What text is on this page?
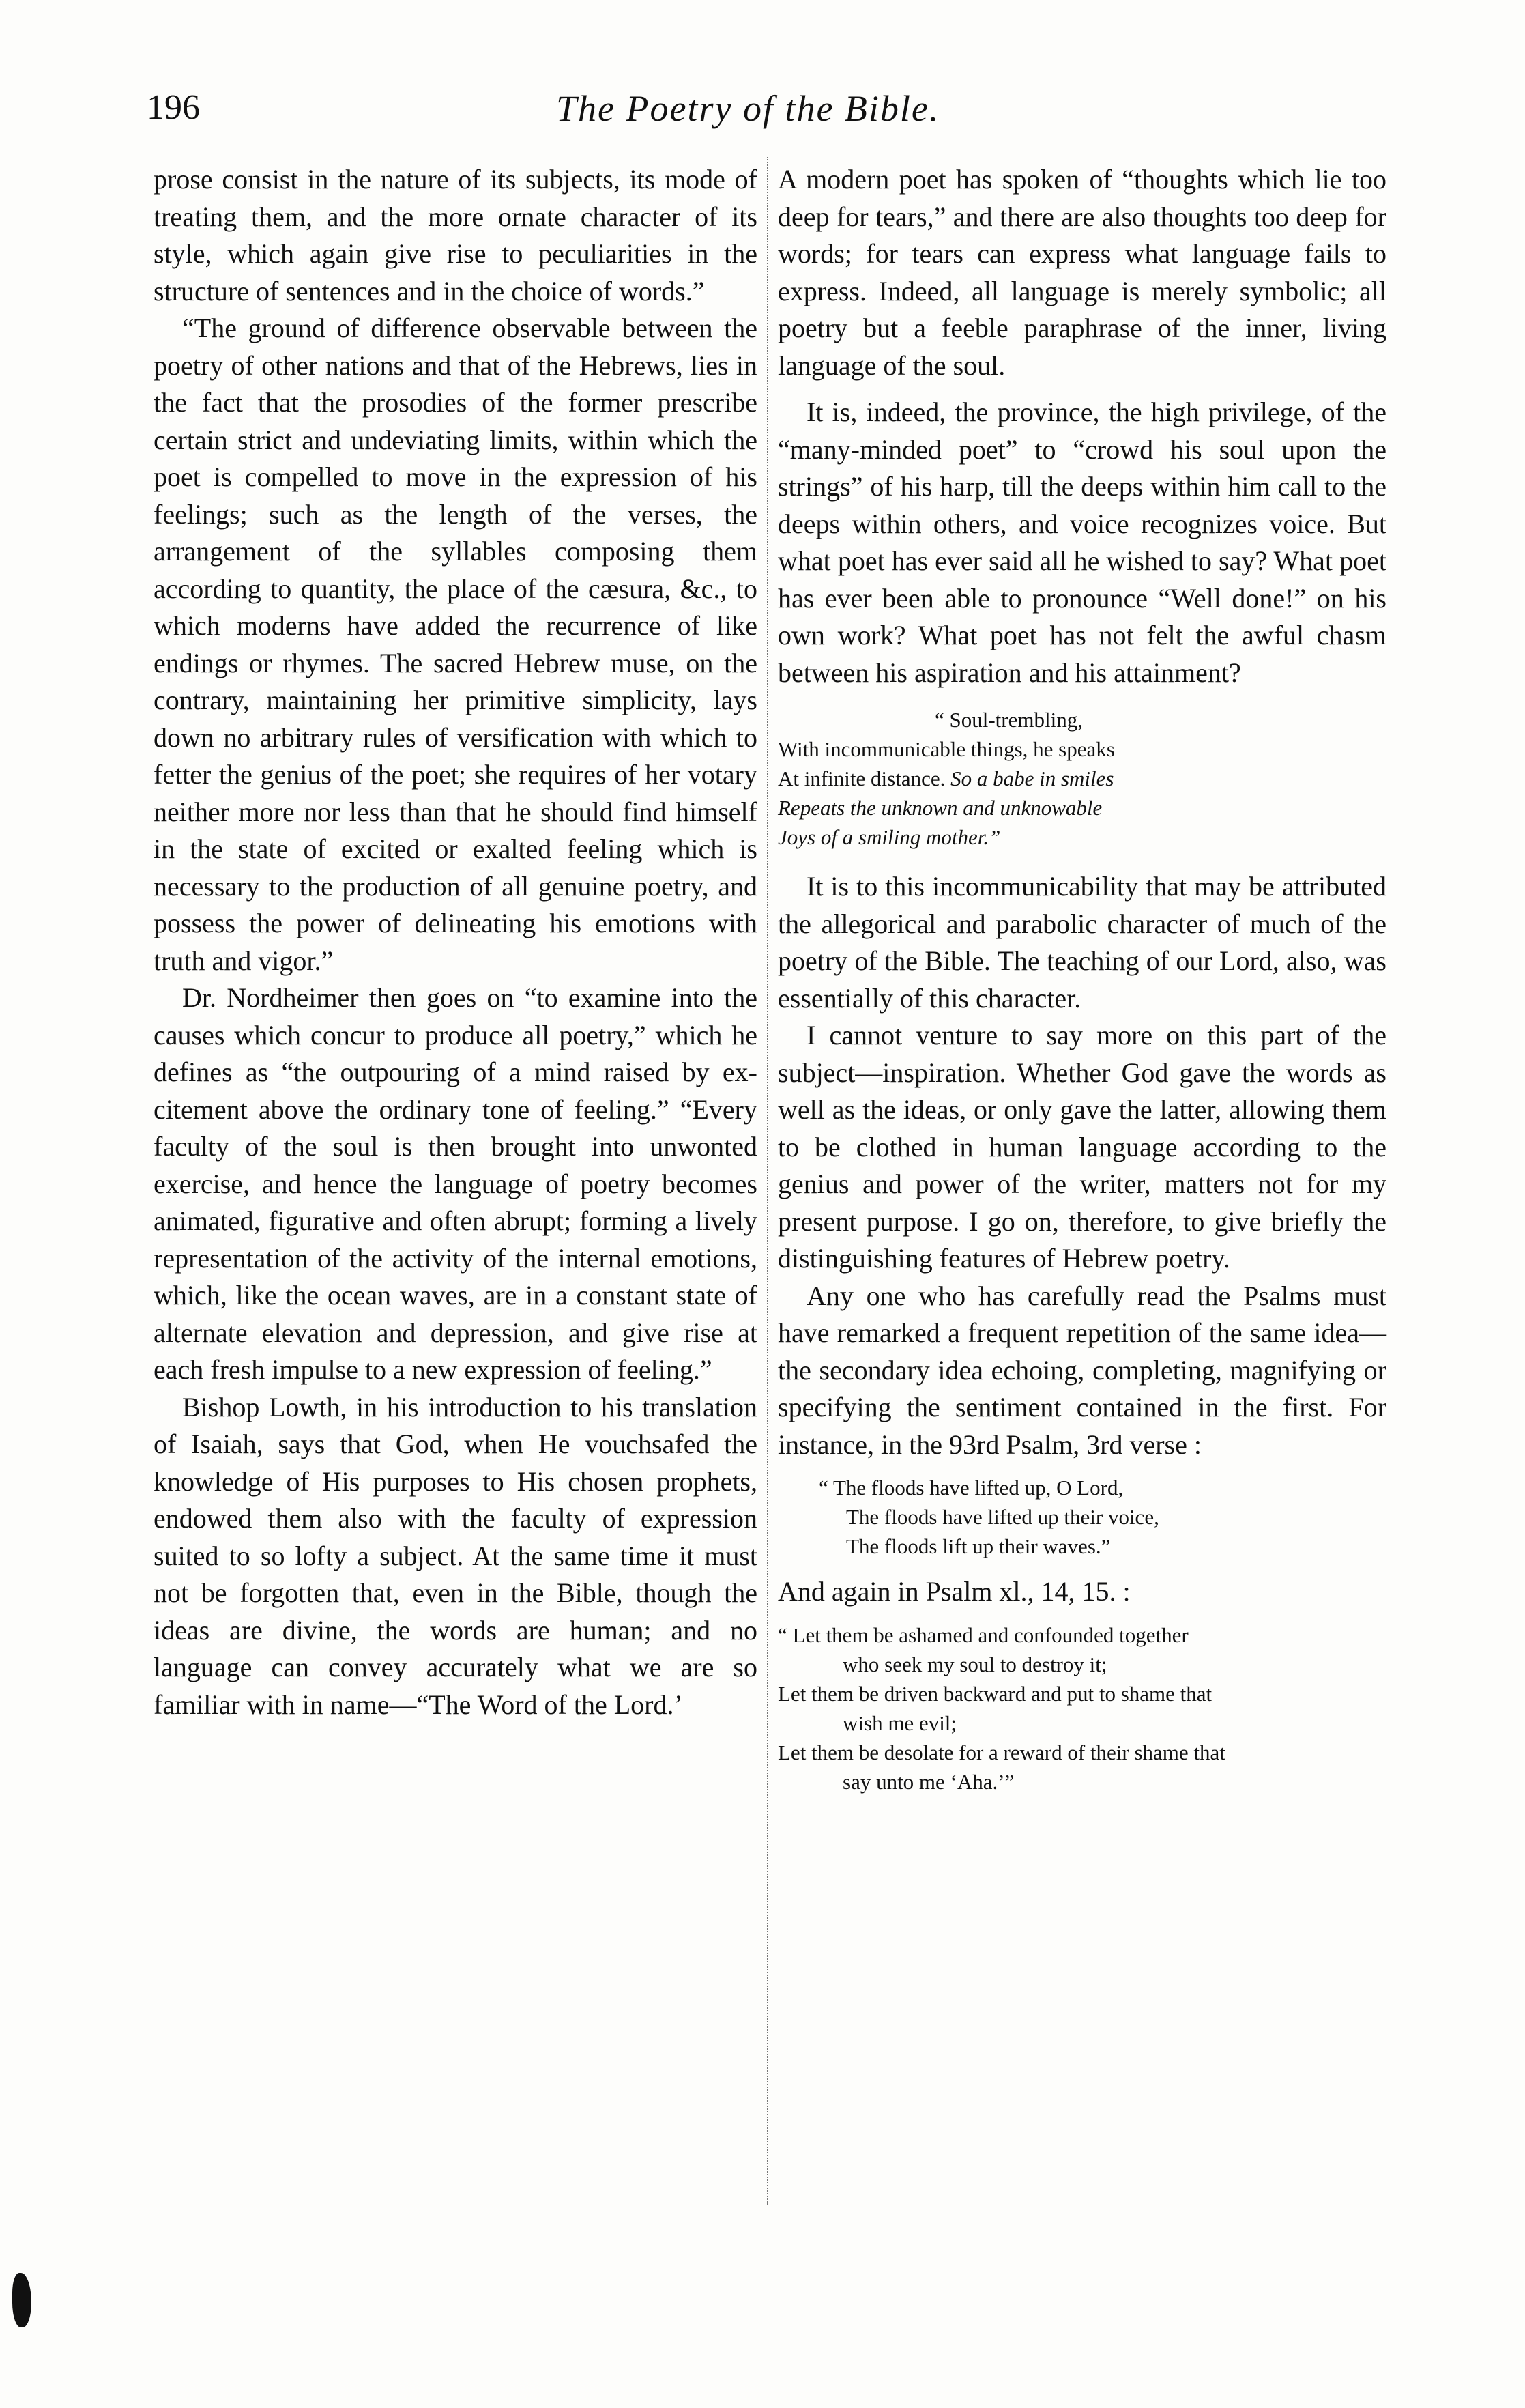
196	The Poetry of the Bible.

prose consist in the nature of its subjects, its mode of treating them, and the more ornate character of its style, which again give rise to peculiarities in the structure of sentences and in the choice of words.”

“The ground of difference observable between the poetry of other nations and that of the Hebrews, lies in the fact that the prosodies of the former prescribe certain strict and undeviating limits, within which the poet is compelled to move in the expression of his feelings; such as the length of the verses, the arrangement of the syllables composing them according to quantity, the place of the cæsura, &c., to which moderns have added the recurrence of like endings or rhymes. The sacred Hebrew muse, on the contrary, maintaining her primitive simplicity, lays down no arbitrary rules of versification with which to fetter the genius of the poet; she requires of her votary neither more nor less than that he should find himself in the state of excited or exalted feeling which is necessary to the production of all genuine poetry, and possess the power of delineating his emotions with truth and vigor.”

Dr. Nordheimer then goes on “to examine into the causes which concur to produce all poetry,” which he defines as “the outpouring of a mind raised by excitement above the ordinary tone of feeling.” “Every faculty of the soul is then brought into unwonted exercise, and hence the language of poetry becomes animated, figurative and often abrupt; forming a lively representation of the activity of the internal emotions, which, like the ocean waves, are in a constant state of alternate elevation and depression, and give rise at each fresh impulse to a new expression of feeling.”

Bishop Lowth, in his introduction to his translation of Isaiah, says that God, when He vouchsafed the knowledge of His purposes to His chosen prophets, endowed them also with the faculty of expression suited to so lofty a subject. At the same time it must not be forgotten that, even in the Bible, though the ideas are divine, the words are human; and no language can convey accurately what we are so familiar with in name—“The Word of the Lord.’

A modern poet has spoken of “thoughts which lie too deep for tears,” and there are also thoughts too deep for words; for tears can express what language fails to express. Indeed, all language is merely symbolic; all poetry but a feeble paraphrase of the inner, living language of the soul.

It is, indeed, the province, the high privilege, of the “many-minded poet” to “crowd his soul upon the strings” of his harp, till the deeps within him call to the deeps within others, and voice recognizes voice. But what poet has ever said all he wished to say? What poet has ever been able to pronounce “Well done!” on his own work? What poet has not felt the awful chasm between his aspiration and his attainment?

“ Soul-trembling,
With incommunicable things, he speaks
At infinite distance. So a babe in smiles
Repeats the unknown and unknowable
Joys of a smiling mother.”

It is to this incommunicability that may be attributed the allegorical and parabolic character of much of the poetry of the Bible. The teaching of our Lord, also, was essentially of this character.

I cannot venture to say more on this part of the subject—inspiration. Whether God gave the words as well as the ideas, or only gave the latter, allowing them to be clothed in human language according to the genius and power of the writer, matters not for my present purpose. I go on, therefore, to give briefly the distinguishing features of Hebrew poetry.

Any one who has carefully read the Psalms must have remarked a frequent repetition of the same idea—the secondary idea echoing, completing, magnifying or specifying the sentiment contained in the first. For instance, in the 93rd Psalm, 3rd verse :

“ The floods have lifted up, O Lord,
The floods have lifted up their voice,
The floods lift up their waves.”

And again in Psalm xl., 14, 15. :

“ Let them be ashamed and confounded together
who seek my soul to destroy it;
Let them be driven backward and put to shame that
wish me evil;
Let them be desolate for a reward of their shame that
say unto me ‘Aha.’”
